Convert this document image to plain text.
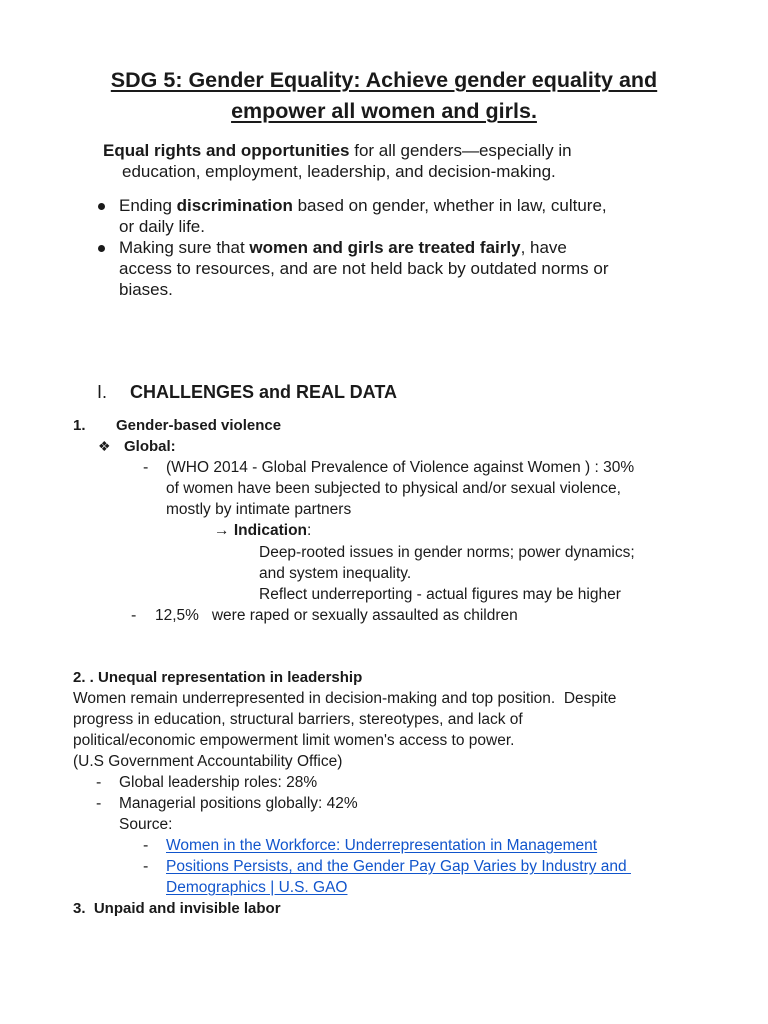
SDG 5: Gender Equality: Achieve gender equality and
empower all women and girls.
Equal rights and opportunities for all genders—especially in
education, employment, leadership, and decision-making.
Ending discrimination based on gender, whether in law, culture,
or daily life.
Making sure that women and girls are treated fairly, have
access to resources, and are not held back by outdated norms or
biases.
I. CHALLENGES and REAL DATA
1. Gender-based violence
❖ Global:
- (WHO 2014 - Global Prevalence of Violence against Women ) : 30%
of women have been subjected to physical and/or sexual violence,
mostly by intimate partners
→ Indication:
Deep-rooted issues in gender norms; power dynamics;
and system inequality.
Reflect underreporting - actual figures may be higher
- 12,5%   were raped or sexually assaulted as children
2. . Unequal representation in leadership
Women remain underrepresented in decision-making and top position.  Despite
progress in education, structural barriers, stereotypes, and lack of
political/economic empowerment limit women's access to power.
(U.S Government Accountability Office)
- Global leadership roles: 28%
- Managerial positions globally: 42%
Source:
- Women in the Workforce: Underrepresentation in Management
- Positions Persists, and the Gender Pay Gap Varies by Industry and
Demographics | U.S. GAO
3.  Unpaid and invisible labor
